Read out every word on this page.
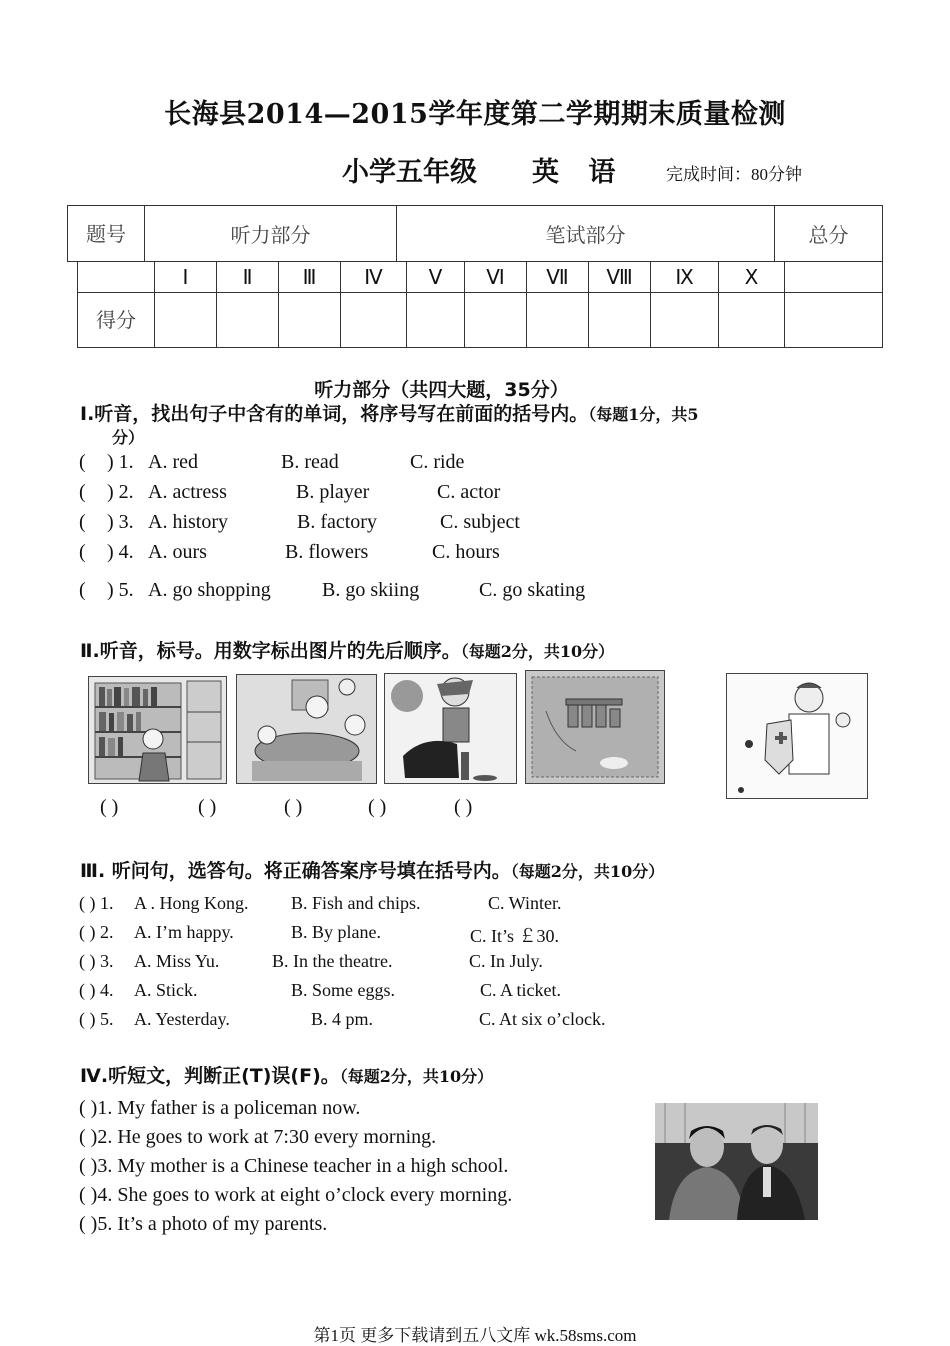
长海县2014—2015学年度第二学期期末质量检测
小学五年级 英 语 完成时间：80分钟
题号	听力部分	笔试部分	总分
	Ⅰ	Ⅱ	Ⅲ	Ⅳ	Ⅴ	Ⅵ	Ⅶ	Ⅷ	Ⅸ	Ⅹ	
得分											
听力部分（共四大题，35分）
Ⅰ.听音，找出句子中含有的单词，将序号写在前面的括号内。（每题1分，共5
分）
( ) 1. A. red	B. read	C. ride
( ) 2. A. actress	B. player	C. actor
( ) 3. A. history	B. factory	C. subject
( ) 4. A. ours	B. flowers	C. hours
( ) 5. A. go shopping	B. go skiing	C. go skating
Ⅱ.听音，标号。用数字标出图片的先后顺序。（每题2分，共10分）
( )	( )	( )	( )	( )
Ⅲ. 听问句，选答句。将正确答案序号填在括号内。（每题2分，共10分）
( ) 1. A . Hong Kong. B. Fish and chips.	C. Winter.
( ) 2. A. I’m happy.	B. By plane.	C. It’s ￡30.
( ) 3. A. Miss Yu.	B. In the theatre.	C. In July.
( ) 4. A. Stick.	B. Some eggs.	C. A ticket.
( ) 5. A. Yesterday.	B. 4 pm.	C. At six o’clock.
Ⅳ.听短文，判断正(T)误(F)。（每题2分，共10分）
( )1. My father is a policeman now.
( )2. He goes to work at 7:30 every morning.
( )3. My mother is a Chinese teacher in a high school.
( )4. She goes to work at eight o’clock every morning.
( )5. It’s a photo of my parents.
第1页 更多下载请到五八文库 wk.58sms.com
